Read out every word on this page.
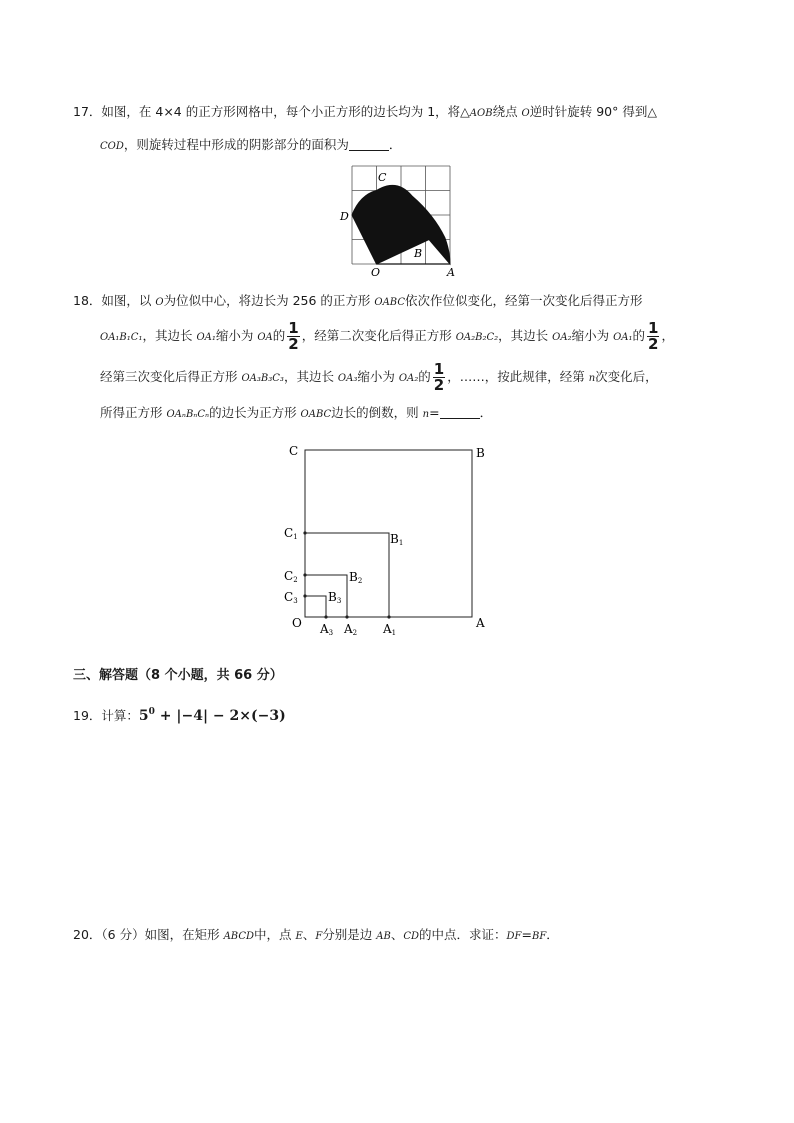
17．如图，在 4×4 的正方形网格中，每个小正方形的边长均为 1，将△AOB绕点 O逆时针旋转 90° 得到△
COD，则旋转过程中形成的阴影部分的面积为	．
C
D
B
O	A
18．如图，以 O为位似中心，将边长为 256 的正方形 OABC依次作位似变化，经第一次变化后得正方形
OA₁B₁C₁，其边长 OA₁缩小为 OA的 $\frac{1}{2}$ ，经第二次变化后得正方形 OA₂B₂C₂，其边长 OA₂缩小为 OA₁的 $\frac{1}{2}$ ，
经第三次变化后得正方形 OA₃B₃C₃，其边长 OA₃缩小为 OA₂的 $\frac{1}{2}$ ，……，按此规律，经第 n次变化后，
所得正方形 OAₙBₙCₙ的边长为正方形 OABC边长的倒数，则 n=	．
C	B
A
O
C1	B1
A1
C2	B2
A2
C3	B3
A3
三、解答题（8 个小题，共 66 分）
19．计算：$5^0 + |-4| - 2\times(-3)$
20．（6 分）如图，在矩形 ABCD中，点 E、F分别是边 AB、CD的中点．求证：DF=BF．
